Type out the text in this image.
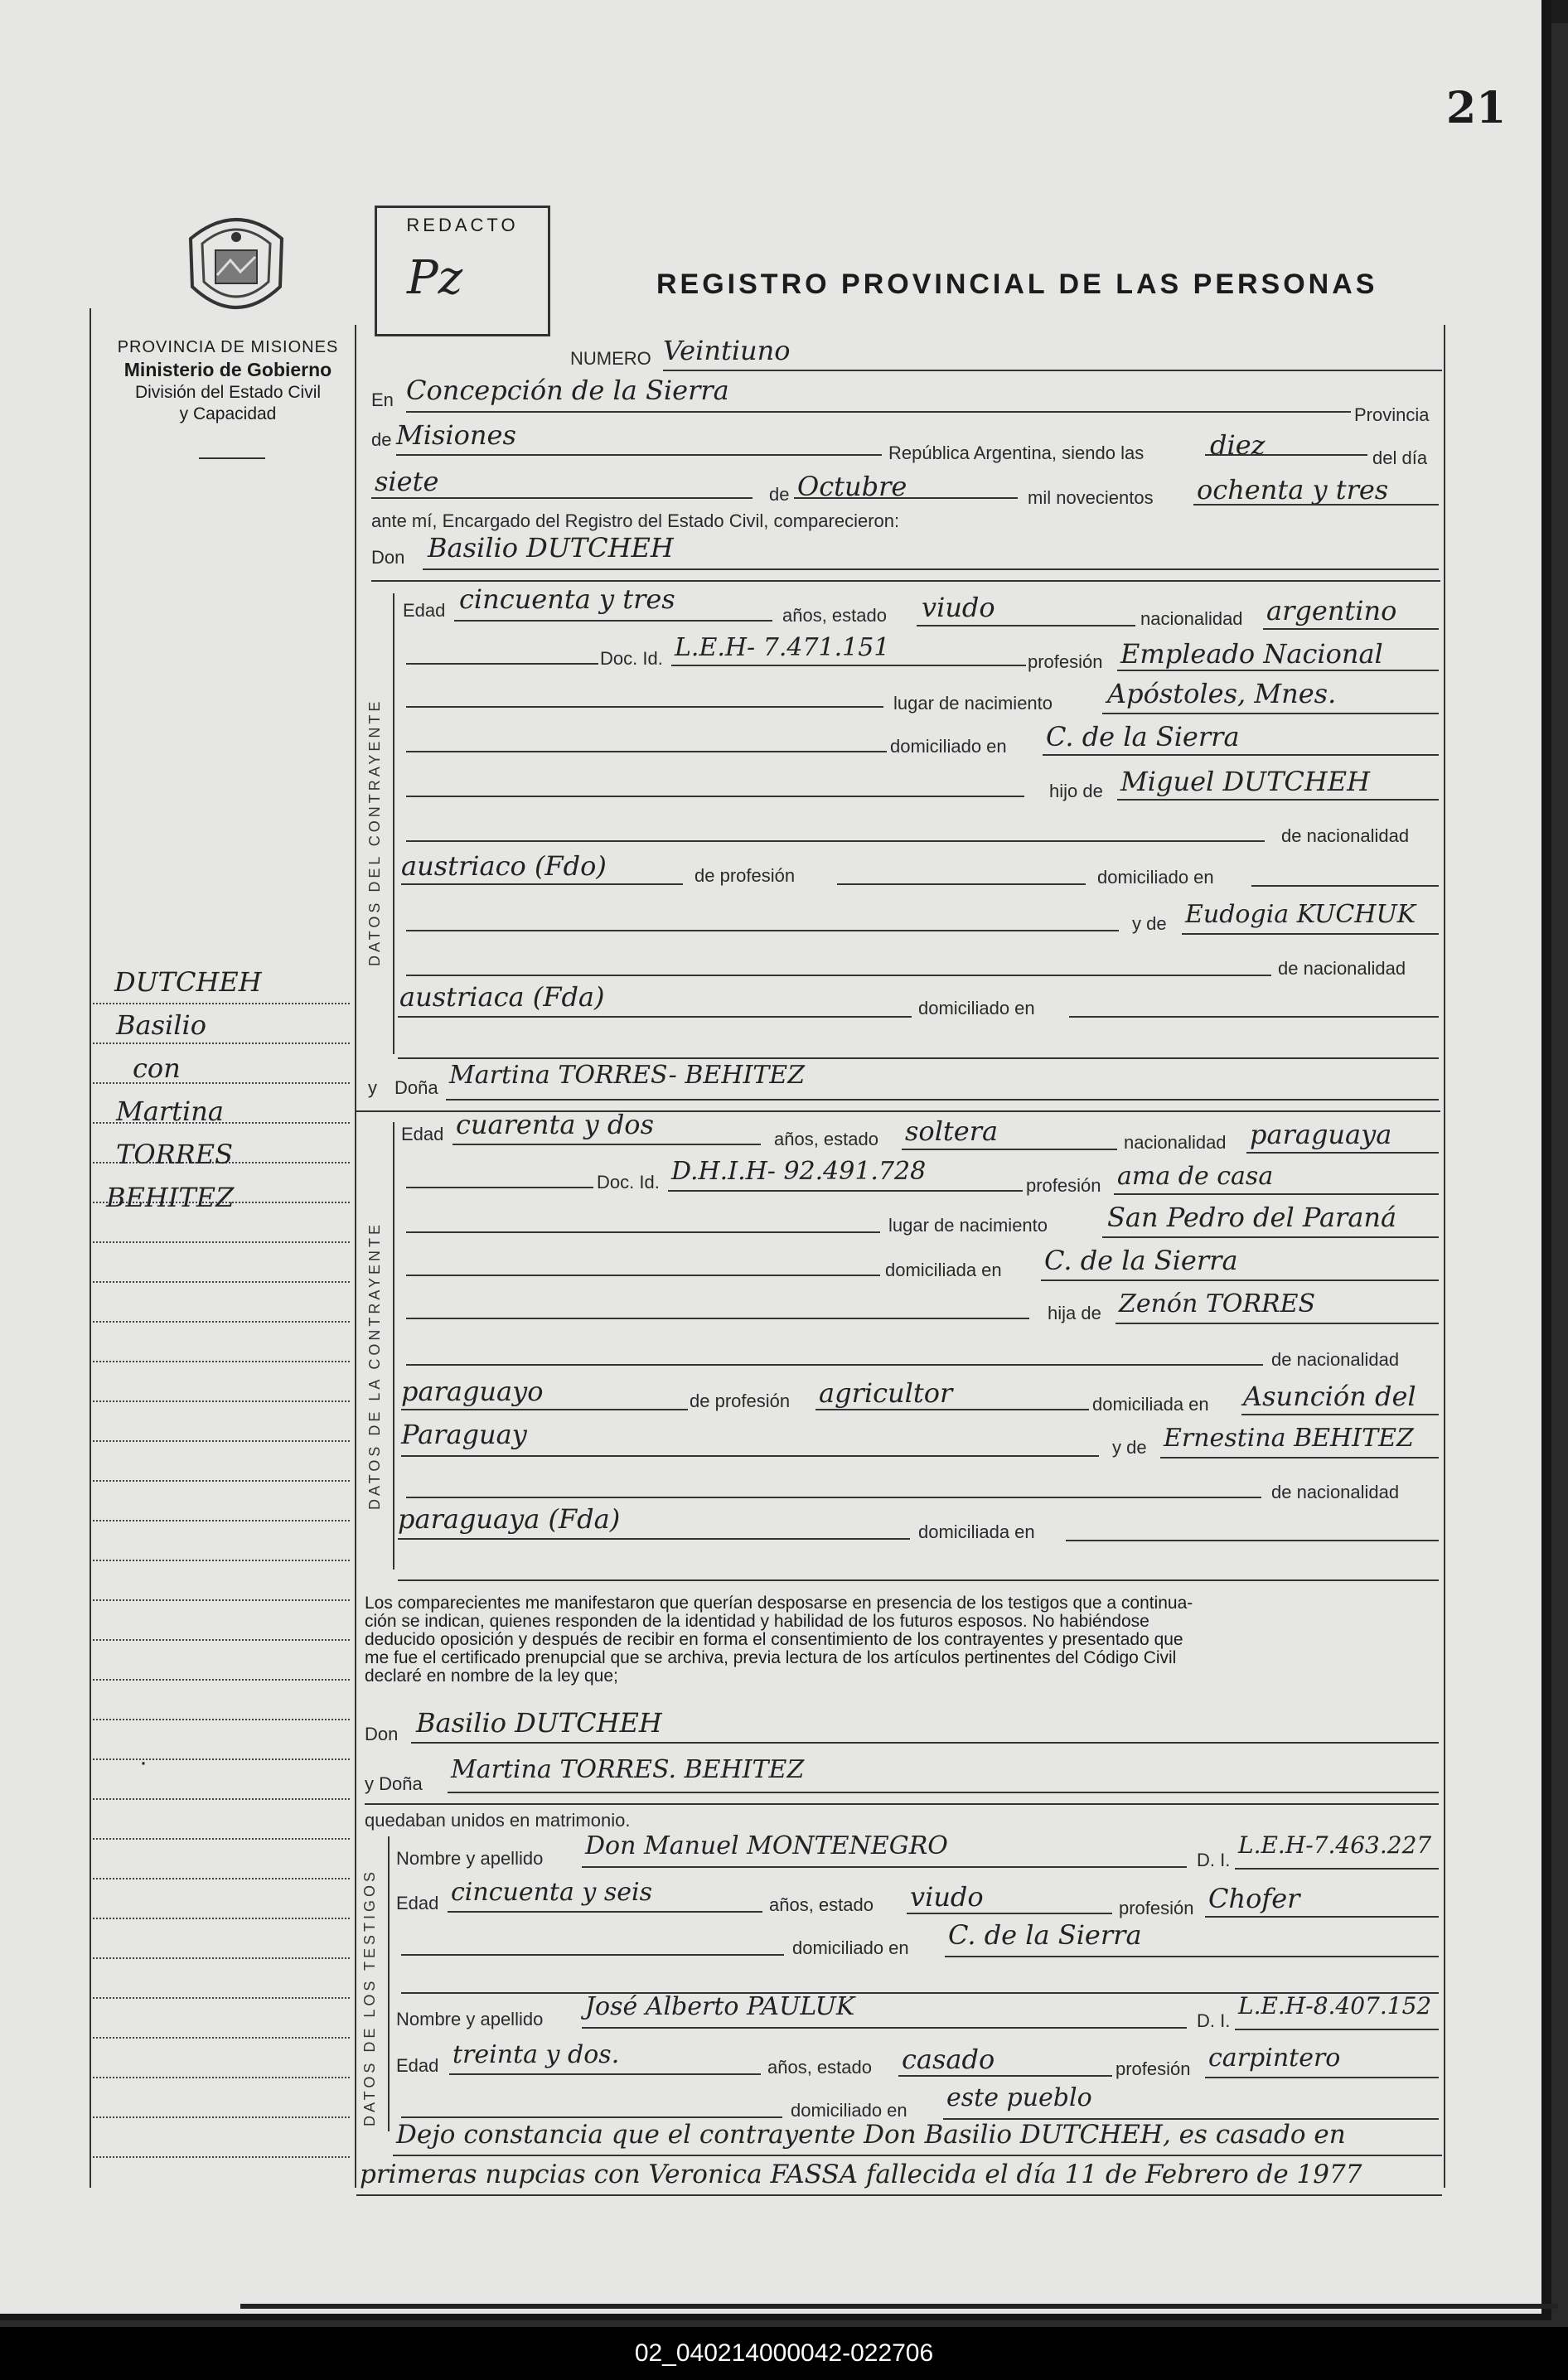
21
PROVINCIA DE MISIONES
Ministerio de Gobierno
División del Estado Civil
y Capacidad
REDACTO
Pz	REGISTRO PROVINCIAL DE LAS PERSONAS
DUTCHEH
Basilio
con
Martina
TORRES
BEHITEZ
·
NUMERO Veintiuno
En Concepción de la Sierra
Provincia
de Misiones
República Argentina, siendo las diez	del día
siete	de Octubre	mil novecientos ochenta y tres
ante mí, Encargado del Registro del Estado Civil, comparecieron:
Don Basilio DUTCHEH
DATOS DEL CONTRAYENTE
Edad cincuenta y tres
años, estado viudo	nacionalidad argentino
Doc. Id. L.E.H- 7.471.151	profesión Empleado Nacional
lugar de nacimiento Apóstoles, Mnes.
domiciliado en C. de la Sierra
hijo de Miguel DUTCHEH
de nacionalidad
austriaco (Fdo)	de profesión	domiciliado en
y de Eudogia KUCHUK
de nacionalidad
austriaca (Fda)	domiciliado en
y Doña Martina TORRES- BEHITEZ
DATOS DE LA CONTRAYENTE
Edad cuarenta y dos	años, estado soltera	nacionalidad paraguaya
Doc. Id. D.H.I.H- 92.491.728	profesión ama de casa
lugar de nacimiento San Pedro del Paraná
domiciliada en C. de la Sierra
hija de Zenón TORRES
de nacionalidad
paraguayo	de profesión agricultor	domiciliada en Asunción del
Paraguay	y de Ernestina BEHITEZ
de nacionalidad
paraguaya (Fda)	domiciliada en
Los comparecientes me manifestaron que querían desposarse en presencia de los testigos que a continua-
ción se indican, quienes responden de la identidad y habilidad de los futuros esposos. No habiéndose
deducido oposición y después de recibir en forma el consentimiento de los contrayentes y presentado que
me fue el certificado prenupcial que se archiva, previa lectura de los artículos pertinentes del Código Civil
declaré en nombre de la ley que;
Don Basilio DUTCHEH
y Doña Martina TORRES. BEHITEZ
quedaban unidos en matrimonio.
DATOS DE LOS TESTIGOS
Nombre y apellido Don Manuel MONTENEGRO	D. I.
L.E.H-7.463.227
Edad cincuenta y seis	años, estado viudo	profesión Chofer
domiciliado en C. de la Sierra
Nombre y apellido José Alberto PAULUK	D. I.
L.E.H-8.407.152
Edad treinta y dos.	años, estado casado	profesión carpintero
domiciliado en este pueblo
Dejo constancia que el contrayente Don Basilio DUTCHEH, es casado en
primeras nupcias con Veronica FASSA fallecida el día 11 de Febrero de 1977
02_040214000042-022706
